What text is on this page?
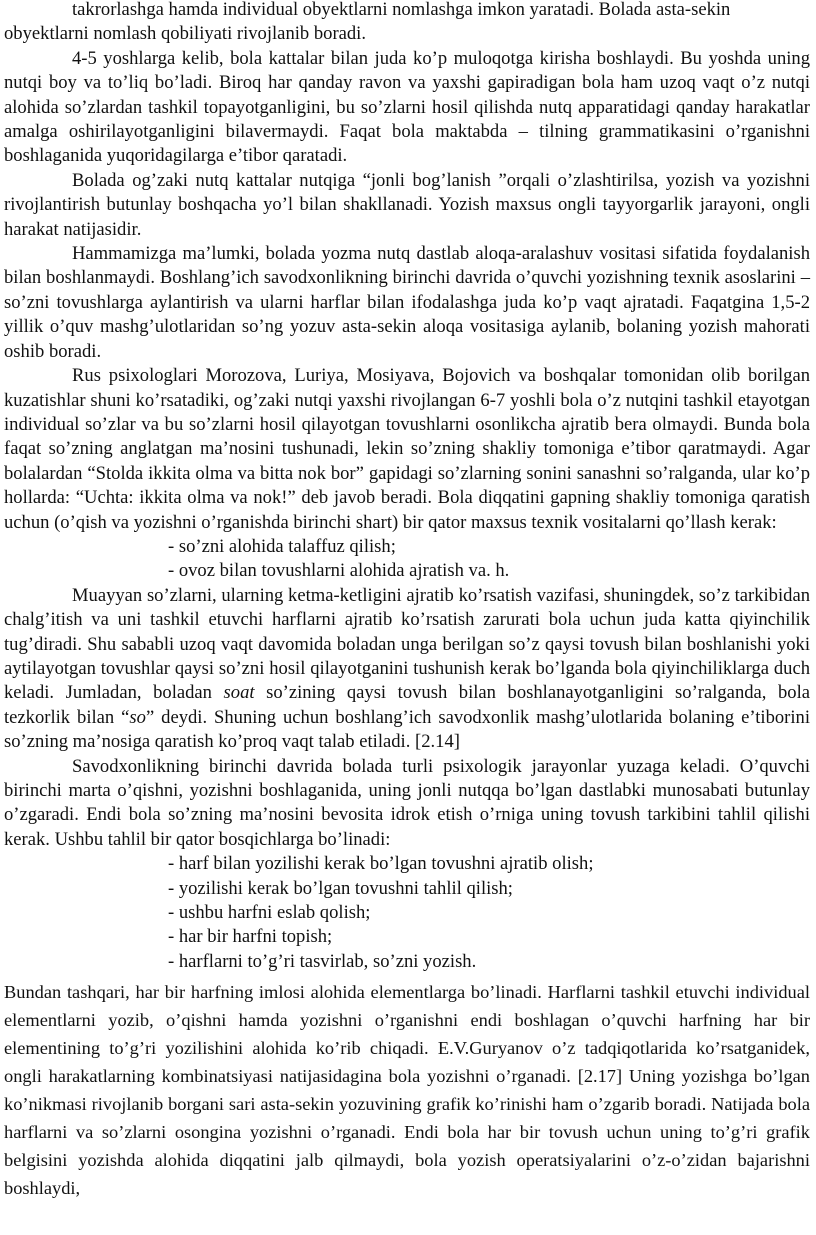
takrorlashga hamda individual obyektlarni nomlashga imkon yaratadi. Bolada asta-sekin

obyektlarni nomlash qobiliyati rivojlanib boradi.

4-5 yoshlarga kelib, bola kattalar bilan juda ko’p muloqotga kirisha boshlaydi. Bu yoshda uning nutqi boy va to’liq bo’ladi. Biroq har qanday ravon va yaxshi gapiradigan bola ham uzoq vaqt o’z nutqi alohida so’zlardan tashkil topayotganligini, bu so’zlarni hosil qilishda nutq apparatidagi qanday harakatlar amalga oshirilayotganligini bilavermaydi. Faqat bola maktabda – tilning grammatikasini o’rganishni boshlaganida yuqoridagilarga e’tibor qaratadi.

Bolada og’zaki nutq kattalar nutqiga “jonli bog’lanish ”orqali o’zlashtirilsa, yozish va yozishni rivojlantirish butunlay boshqacha yo’l bilan shakllanadi. Yozish maxsus ongli tayyorgarlik jarayoni, ongli harakat natijasidir.

Hammamizga ma’lumki, bolada yozma nutq dastlab aloqa-aralashuv vositasi sifatida foydalanish bilan boshlanmaydi. Boshlang’ich savodxonlikning birinchi davrida o’quvchi yozishning texnik asoslarini –so’zni tovushlarga aylantirish va ularni harflar bilan ifodalashga juda ko’p vaqt ajratadi. Faqatgina 1,5-2 yillik o’quv mashg’ulotlaridan so’ng yozuv asta-sekin aloqa vositasiga aylanib, bolaning yozish mahorati oshib boradi.

Rus psixologlari Morozova, Luriya, Mosiyava, Bojovich va boshqalar tomonidan olib borilgan kuzatishlar shuni ko’rsatadiki, og’zaki nutqi yaxshi rivojlangan 6-7 yoshli bola o’z nutqini tashkil etayotgan individual so’zlar va bu so’zlarni hosil qilayotgan tovushlarni osonlikcha ajratib bera olmaydi. Bunda bola faqat so’zning anglatgan ma’nosini tushunadi, lekin so’zning shakliy tomoniga e’tibor qaratmaydi. Agar bolalardan “Stolda ikkita olma va bitta nok bor” gapidagi so’zlarning sonini sanashni so’ralganda, ular ko’p hollarda: “Uchta: ikkita olma va nok!” deb javob beradi. Bola diqqatini gapning shakliy tomoniga qaratish uchun (o’qish va yozishni o’rganishda birinchi shart) bir qator maxsus texnik vositalarni qo’llash kerak:

- so’zni alohida talaffuz qilish;

- ovoz bilan tovushlarni alohida ajratish va. h.

Muayyan so’zlarni, ularning ketma-ketligini ajratib ko’rsatish vazifasi, shuningdek, so’z tarkibidan chalg’itish va uni tashkil etuvchi harflarni ajratib ko’rsatish zarurati bola uchun juda katta qiyinchilik tug’diradi. Shu sababli uzoq vaqt davomida boladan unga berilgan so’z qaysi tovush bilan boshlanishi yoki aytilayotgan tovushlar qaysi so’zni hosil qilayotganini tushunish kerak bo’lganda bola qiyinchiliklarga duch keladi. Jumladan, boladan soat so’zining qaysi tovush bilan boshlanayotganligini so’ralganda, bola tezkorlik bilan “so” deydi. Shuning uchun boshlang’ich savodxonlik mashg’ulotlarida bolaning e’tiborini so’zning ma’nosiga qaratish ko’proq vaqt talab etiladi. [2.14]

Savodxonlikning birinchi davrida bolada turli psixologik jarayonlar yuzaga keladi. O’quvchi birinchi marta o’qishni, yozishni boshlaganida, uning jonli nutqqa bo’lgan dastlabki munosabati butunlay o’zgaradi. Endi bola so’zning ma’nosini bevosita idrok etish o’rniga uning tovush tarkibini tahlil qilishi kerak. Ushbu tahlil bir qator bosqichlarga bo’linadi:

- harf bilan yozilishi kerak bo’lgan tovushni ajratib olish;

- yozilishi kerak bo’lgan tovushni tahlil qilish;

- ushbu harfni eslab qolish;

- har bir harfni topish;

- harflarni to’g’ri tasvirlab, so’zni yozish.

Bundan tashqari, har bir harfning imlosi alohida elementlarga bo’linadi. Harflarni tashkil etuvchi individual elementlarni yozib, o’qishni hamda yozishni o’rganishni endi boshlagan o’quvchi harfning har bir elementining to’g’ri yozilishini alohida ko’rib chiqadi. E.V.Guryanov o’z tadqiqotlarida ko’rsatganidek, ongli harakatlarning kombinatsiyasi natijasidagina bola yozishni o’rganadi. [2.17] Uning yozishga bo’lgan ko’nikmasi rivojlanib borgani sari asta-sekin yozuvining grafik ko’rinishi ham o’zgarib boradi. Natijada bola harflarni va so’zlarni osongina yozishni o’rganadi. Endi bola har bir tovush uchun uning to’g’ri grafik belgisini yozishda alohida diqqatini jalb qilmaydi, bola yozish operatsiyalarini o’z-o’zidan bajarishni boshlaydi,
